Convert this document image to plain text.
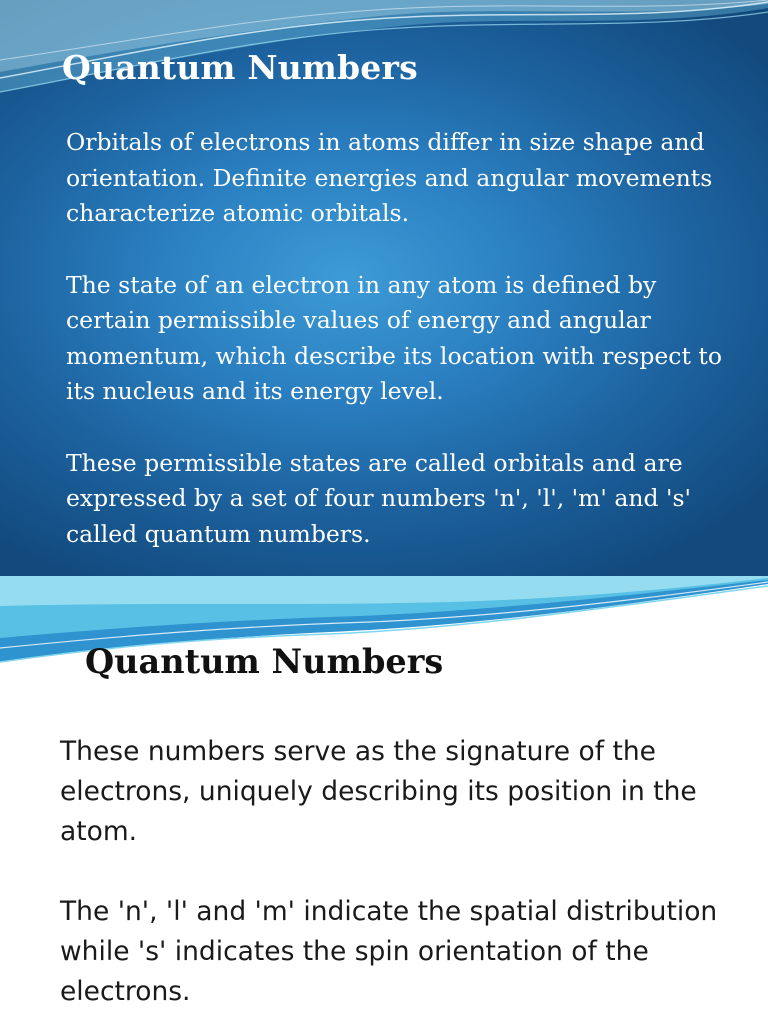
Quantum Numbers

Orbitals of electrons in atoms differ in size shape and orientation. Definite energies and angular movements characterize atomic orbitals.

The state of an electron in any atom is defined by certain permissible values of energy and angular momentum, which describe its location with respect to its nucleus and its energy level.

These permissible states are called orbitals and are expressed by a set of four numbers 'n', 'l', 'm' and 's' called quantum numbers.

Quantum Numbers

These numbers serve as the signature of the electrons, uniquely describing its position in the atom.

The 'n', 'l' and 'm' indicate the spatial distribution while 's' indicates the spin orientation of the electrons.
